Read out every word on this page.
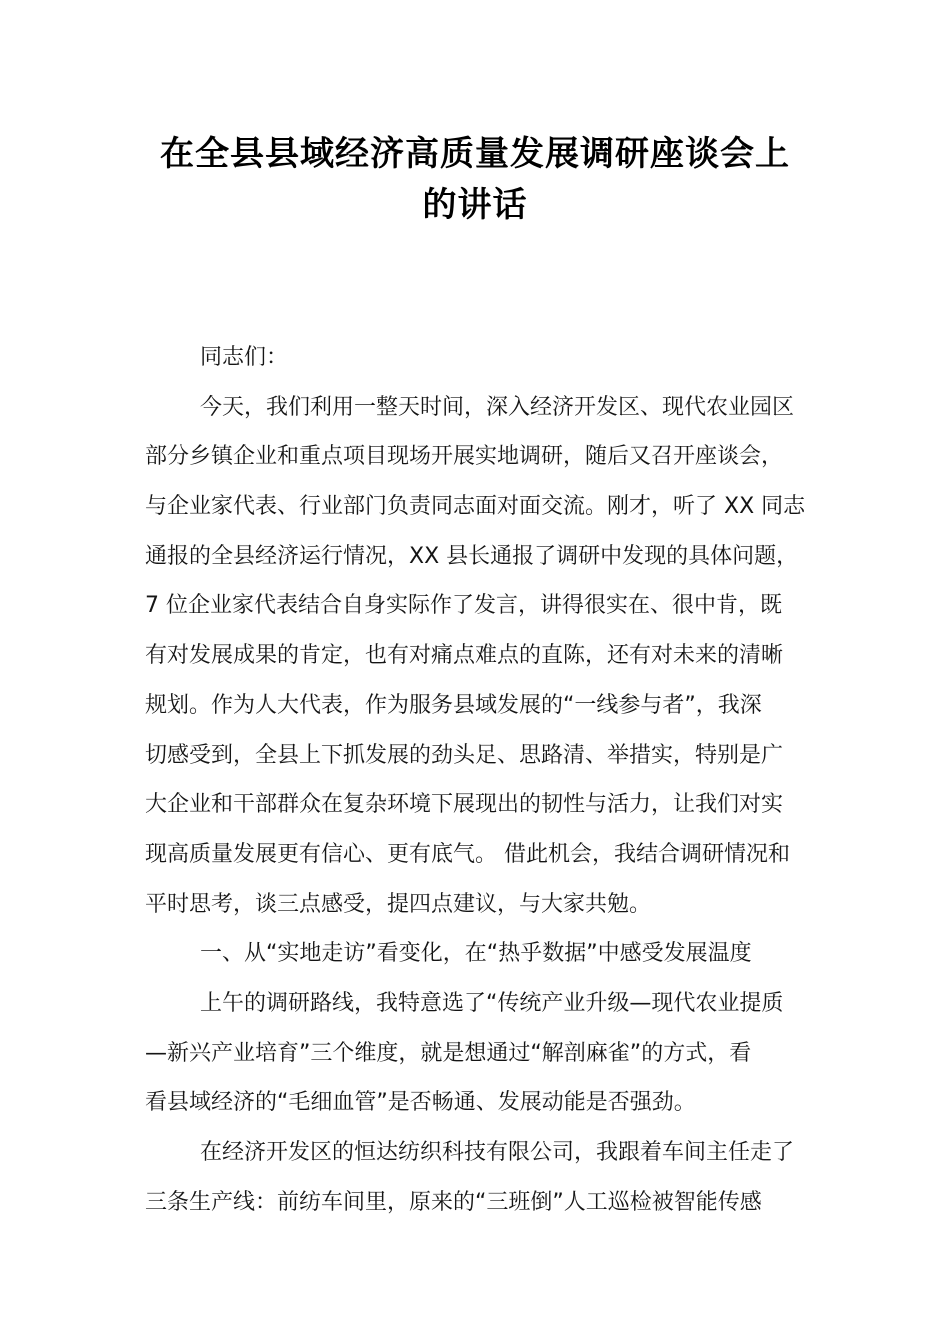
在全县县域经济高质量发展调研座谈会上
的讲话
同志们：
今天，我们利用一整天时间，深入经济开发区、现代农业园区
部分乡镇企业和重点项目现场开展实地调研，随后又召开座谈会，
与企业家代表、行业部门负责同志面对面交流。刚才，听了 XX 同志
通报的全县经济运行情况，XX 县长通报了调研中发现的具体问题，
7 位企业家代表结合自身实际作了发言，讲得很实在、很中肯，既
有对发展成果的肯定，也有对痛点难点的直陈，还有对未来的清晰
规划。作为人大代表，作为服务县域发展的“一线参与者”，我深
切感受到，全县上下抓发展的劲头足、思路清、举措实，特别是广
大企业和干部群众在复杂环境下展现出的韧性与活力，让我们对实
现高质量发展更有信心、更有底气。 借此机会，我结合调研情况和
平时思考，谈三点感受，提四点建议，与大家共勉。
一、从“实地走访”看变化，在“热乎数据”中感受发展温度
上午的调研路线，我特意选了“传统产业升级—现代农业提质
—新兴产业培育”三个维度，就是想通过“解剖麻雀”的方式，看
看县域经济的“毛细血管”是否畅通、发展动能是否强劲。
在经济开发区的恒达纺织科技有限公司，我跟着车间主任走了
三条生产线：前纺车间里，原来的“三班倒”人工巡检被智能传感
